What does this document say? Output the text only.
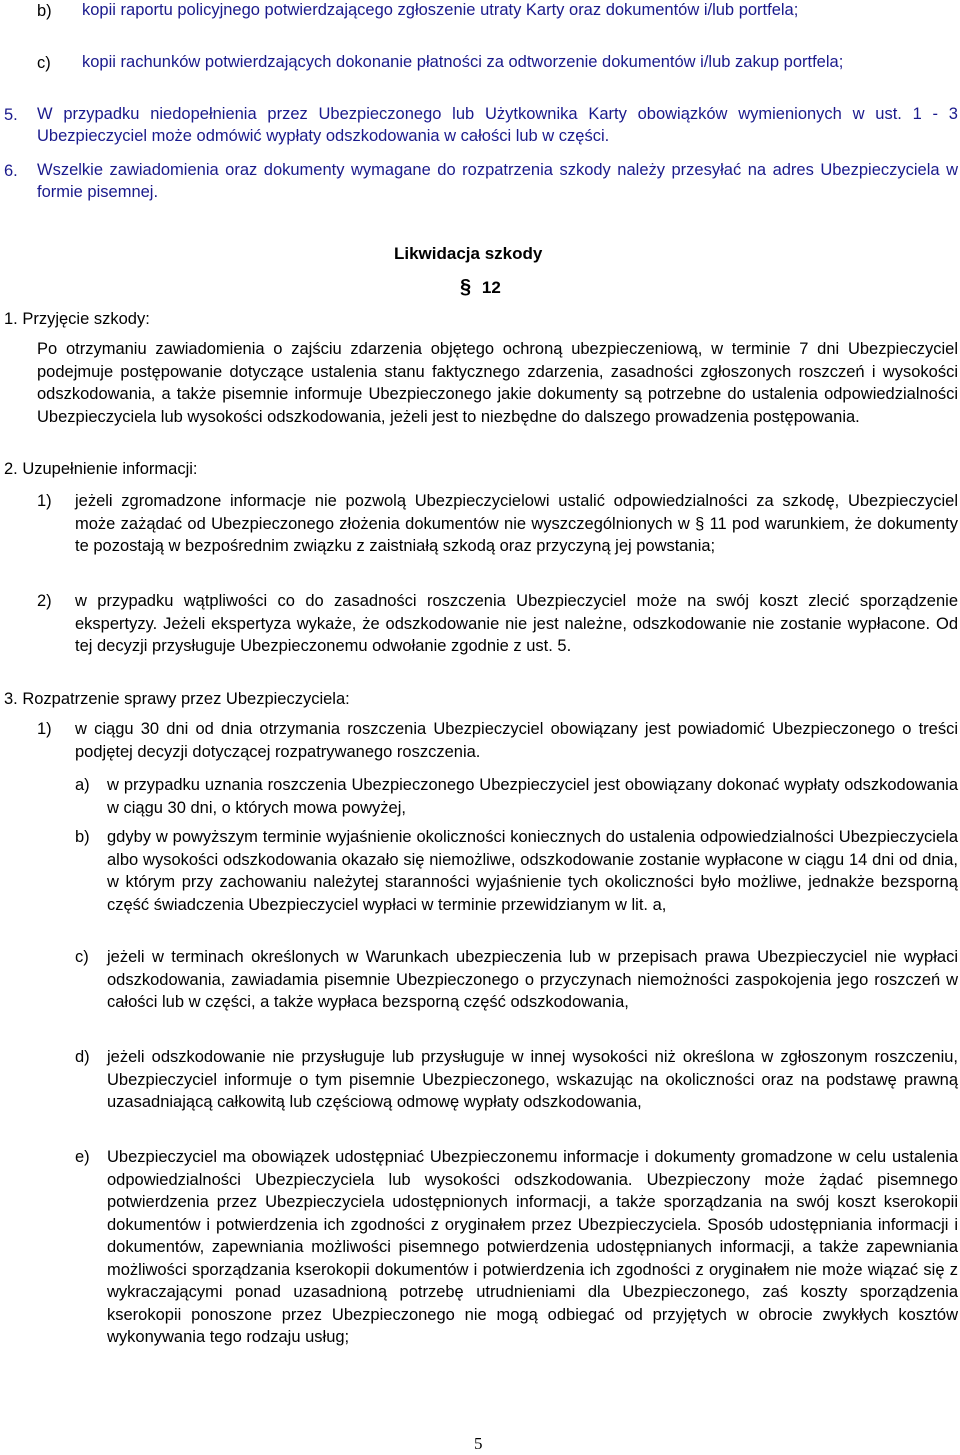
b) kopii raportu policyjnego potwierdzającego zgłoszenie utraty Karty oraz dokumentów i/lub portfela;
c) kopii rachunków potwierdzających dokonanie płatności za odtworzenie dokumentów i/lub zakup portfela;
5. W przypadku niedopełnienia przez Ubezpieczonego lub Użytkownika Karty obowiązków wymienionych w ust. 1 - 3 Ubezpieczyciel może odmówić wypłaty odszkodowania w całości lub w części.
6. Wszelkie zawiadomienia oraz dokumenty wymagane do rozpatrzenia szkody należy przesyłać na adres Ubezpieczyciela w formie pisemnej.
Likwidacja szkody
§ 12
1. Przyjęcie szkody:
Po otrzymaniu zawiadomienia o zajściu zdarzenia objętego ochroną ubezpieczeniową, w terminie 7 dni Ubezpieczyciel podejmuje postępowanie dotyczące ustalenia stanu faktycznego zdarzenia, zasadności zgłoszonych roszczeń i wysokości odszkodowania, a także pisemnie informuje Ubezpieczonego jakie dokumenty są potrzebne do ustalenia odpowiedzialności Ubezpieczyciela lub wysokości odszkodowania, jeżeli jest to niezbędne do dalszego prowadzenia postępowania.
2. Uzupełnienie informacji:
1) jeżeli zgromadzone informacje nie pozwolą Ubezpieczycielowi ustalić odpowiedzialności za szkodę, Ubezpieczyciel może zażądać od Ubezpieczonego złożenia dokumentów nie wyszczególnionych w § 11 pod warunkiem, że dokumenty te pozostają w bezpośrednim związku z zaistniałą szkodą oraz przyczyną jej powstania;
2) w przypadku wątpliwości co do zasadności roszczenia Ubezpieczyciel może na swój koszt zlecić sporządzenie ekspertyzy. Jeżeli ekspertyza wykaże, że odszkodowanie nie jest należne, odszkodowanie nie zostanie wypłacone. Od tej decyzji przysługuje Ubezpieczonemu odwołanie zgodnie z ust. 5.
3. Rozpatrzenie sprawy przez Ubezpieczyciela:
1) w ciągu 30 dni od dnia otrzymania roszczenia Ubezpieczyciel obowiązany jest powiadomić Ubezpieczonego o treści podjętej decyzji dotyczącej rozpatrywanego roszczenia.
a) w przypadku uznania roszczenia Ubezpieczonego Ubezpieczyciel jest obowiązany dokonać wypłaty odszkodowania w ciągu 30 dni, o których mowa powyżej,
b) gdyby w powyższym terminie wyjaśnienie okoliczności koniecznych do ustalenia odpowiedzialności Ubezpieczyciela albo wysokości odszkodowania okazało się niemożliwe, odszkodowanie zostanie wypłacone w ciągu 14 dni od dnia, w którym przy zachowaniu należytej staranności wyjaśnienie tych okoliczności było możliwe, jednakże bezsporną część świadczenia Ubezpieczyciel wypłaci w terminie przewidzianym w lit. a,
c) jeżeli w terminach określonych w Warunkach ubezpieczenia lub w przepisach prawa Ubezpieczyciel nie wypłaci odszkodowania, zawiadamia pisemnie Ubezpieczonego o przyczynach niemożności zaspokojenia jego roszczeń w całości lub w części, a także wypłaca bezsporną część odszkodowania,
d) jeżeli odszkodowanie nie przysługuje lub przysługuje w innej wysokości niż określona w zgłoszonym roszczeniu, Ubezpieczyciel informuje o tym pisemnie Ubezpieczonego, wskazując na okoliczności oraz na podstawę prawną uzasadniającą całkowitą lub częściową odmowę wypłaty odszkodowania,
e) Ubezpieczyciel ma obowiązek udostępniać Ubezpieczonemu informacje i dokumenty gromadzone w celu ustalenia odpowiedzialności Ubezpieczyciela lub wysokości odszkodowania. Ubezpieczony może żądać pisemnego potwierdzenia przez Ubezpieczyciela udostępnionych informacji, a także sporządzania na swój koszt kserokopii dokumentów i potwierdzenia ich zgodności z oryginałem przez Ubezpieczyciela. Sposób udostępniania informacji i dokumentów, zapewniania możliwości pisemnego potwierdzenia udostępnianych informacji, a także zapewniania możliwości sporządzania kserokopii dokumentów i potwierdzenia ich zgodności z oryginałem nie może wiązać się z wykraczającymi ponad uzasadnioną potrzebę utrudnieniami dla Ubezpieczonego, zaś koszty sporządzenia kserokopii ponoszone przez Ubezpieczonego nie mogą odbiegać od przyjętych w obrocie zwykłych kosztów wykonywania tego rodzaju usług;
5
